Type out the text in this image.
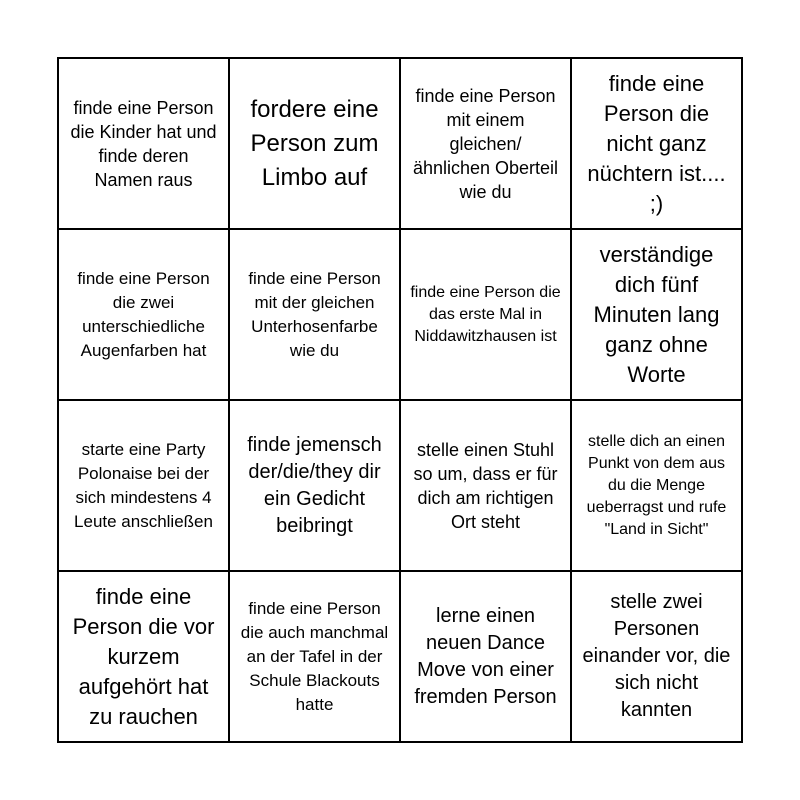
finde eine Person die Kinder hat und finde deren Namen raus
fordere eine Person zum Limbo auf
finde eine Person mit einem gleichen/ ähnlichen Oberteil wie du
finde eine Person die nicht ganz nüchtern ist.... ;)
finde eine Person die zwei unterschiedliche Augenfarben hat
finde eine Person mit der gleichen Unterhosenfarbe wie du
finde eine Person die das erste Mal in Niddawitzhausen ist
verständige dich fünf Minuten lang ganz ohne Worte
starte eine Party Polonaise bei der sich mindestens 4 Leute anschließen
finde jemensch der/die/they dir ein Gedicht beibringt
stelle einen Stuhl so um, dass er für dich am richtigen Ort steht
stelle dich an einen Punkt von dem aus du die Menge ueberragst und rufe "Land in Sicht"
finde eine Person die vor kurzem aufgehört hat zu rauchen
finde eine Person die auch manchmal an der Tafel in der Schule Blackouts hatte
lerne einen neuen Dance Move von einer fremden Person
stelle zwei Personen einander vor, die sich nicht kannten
